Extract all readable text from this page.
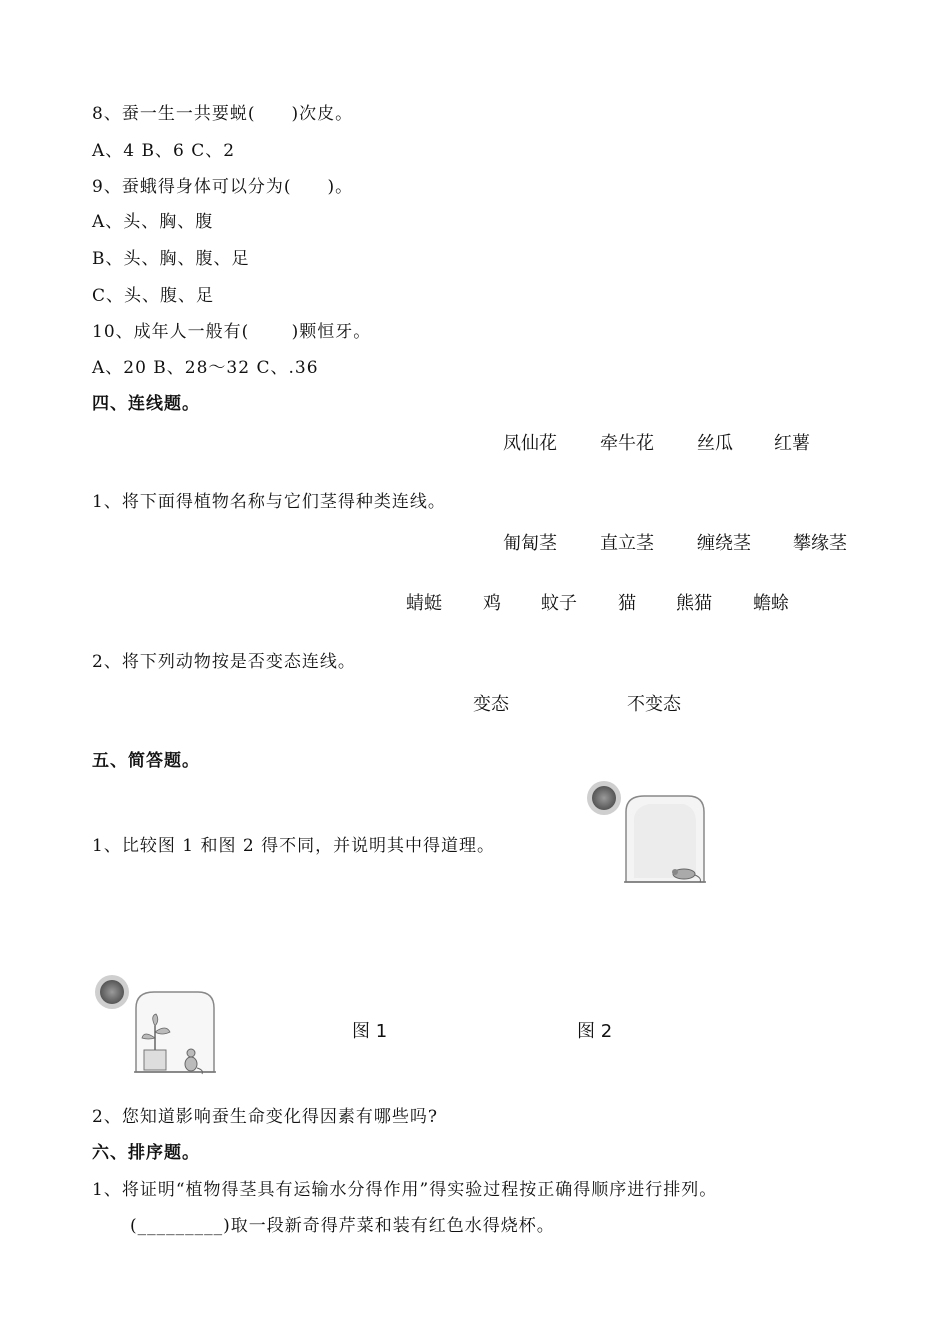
8、蚕一生一共要蜕(　　)次皮。
A、4 B、6 C、2
9、蚕蛾得身体可以分为(　　)。
A、头、胸、腹
B、头、胸、腹、足
C、头、腹、足
10、成年人一般有(　　 )颗恒牙。
A、20 B、28～32 C、.36
四、连线题。
凤仙花 牵牛花 丝瓜 红薯
1、将下面得植物名称与它们茎得种类连线。
匍匐茎 直立茎 缠绕茎 攀缘茎
蜻蜓 鸡 蚊子 猫 熊猫 蟾蜍
2、将下列动物按是否变态连线。
变态	不变态
五、简答题。
1、比较图 1 和图 2 得不同，并说明其中得道理。
图 1	图 2
2、您知道影响蚕生命变化得因素有哪些吗?
六、排序题。
1、将证明“植物得茎具有运输水分得作用”得实验过程按正确得顺序进行排列。
(_________)取一段新奇得芹菜和装有红色水得烧杯。
